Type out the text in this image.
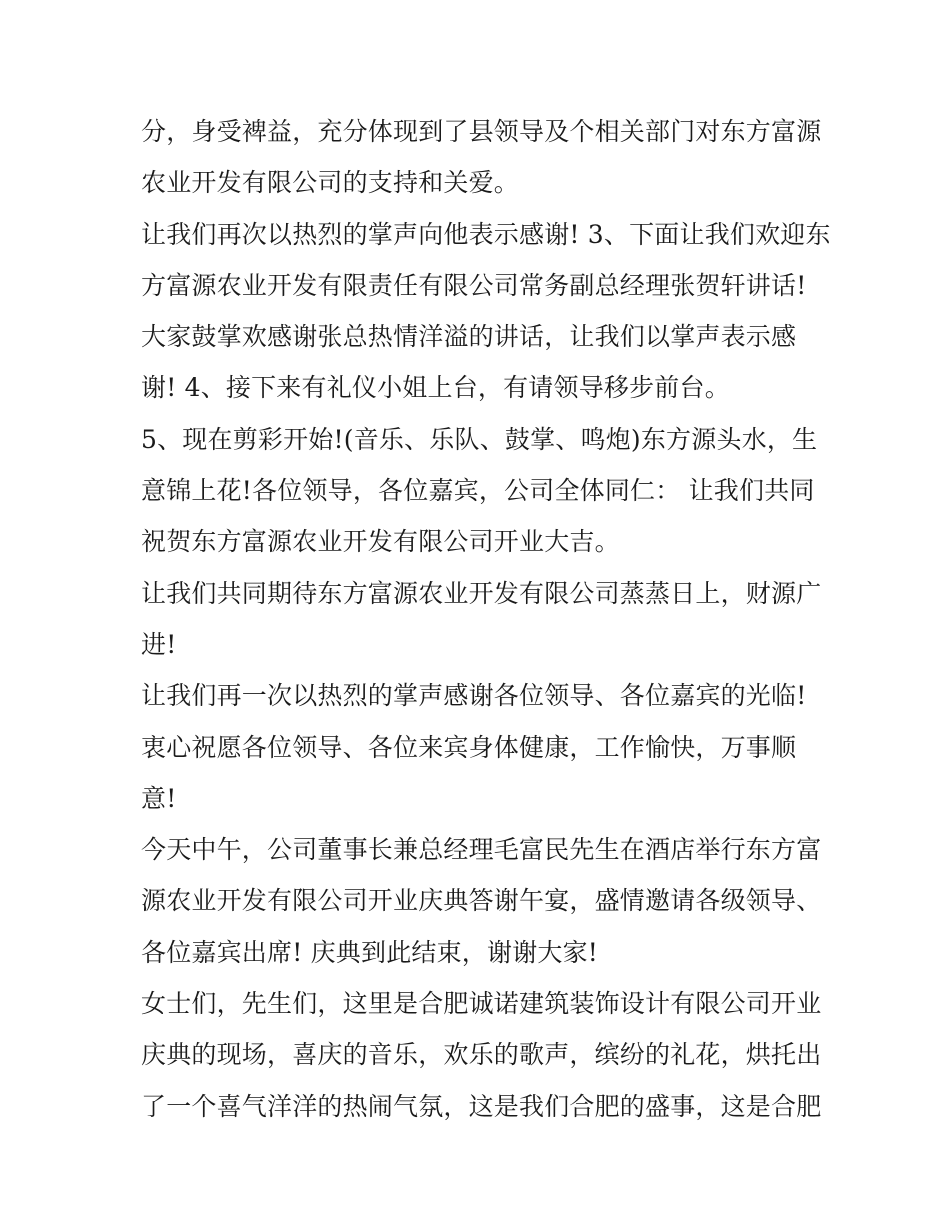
分，身受裨益，充分体现到了县领导及个相关部门对东方富源
农业开发有限公司的支持和关爱。
让我们再次以热烈的掌声向他表示感谢! 3、下面让我们欢迎东
方富源农业开发有限责任有限公司常务副总经理张贺轩讲话!
大家鼓掌欢感谢张总热情洋溢的讲话，让我们以掌声表示感
谢! 4、接下来有礼仪小姐上台，有请领导移步前台。
5、现在剪彩开始!(音乐、乐队、鼓掌、鸣炮)东方源头水，生
意锦上花!各位领导，各位嘉宾，公司全体同仁： 让我们共同
祝贺东方富源农业开发有限公司开业大吉。
让我们共同期待东方富源农业开发有限公司蒸蒸日上，财源广
进!
让我们再一次以热烈的掌声感谢各位领导、各位嘉宾的光临!
衷心祝愿各位领导、各位来宾身体健康，工作愉快，万事顺
意!
今天中午，公司董事长兼总经理毛富民先生在酒店举行东方富
源农业开发有限公司开业庆典答谢午宴，盛情邀请各级领导、
各位嘉宾出席! 庆典到此结束，谢谢大家!
女士们，先生们，这里是合肥诚诺建筑装饰设计有限公司开业
庆典的现场，喜庆的音乐，欢乐的歌声，缤纷的礼花，烘托出
了一个喜气洋洋的热闹气氛，这是我们合肥的盛事，这是合肥
